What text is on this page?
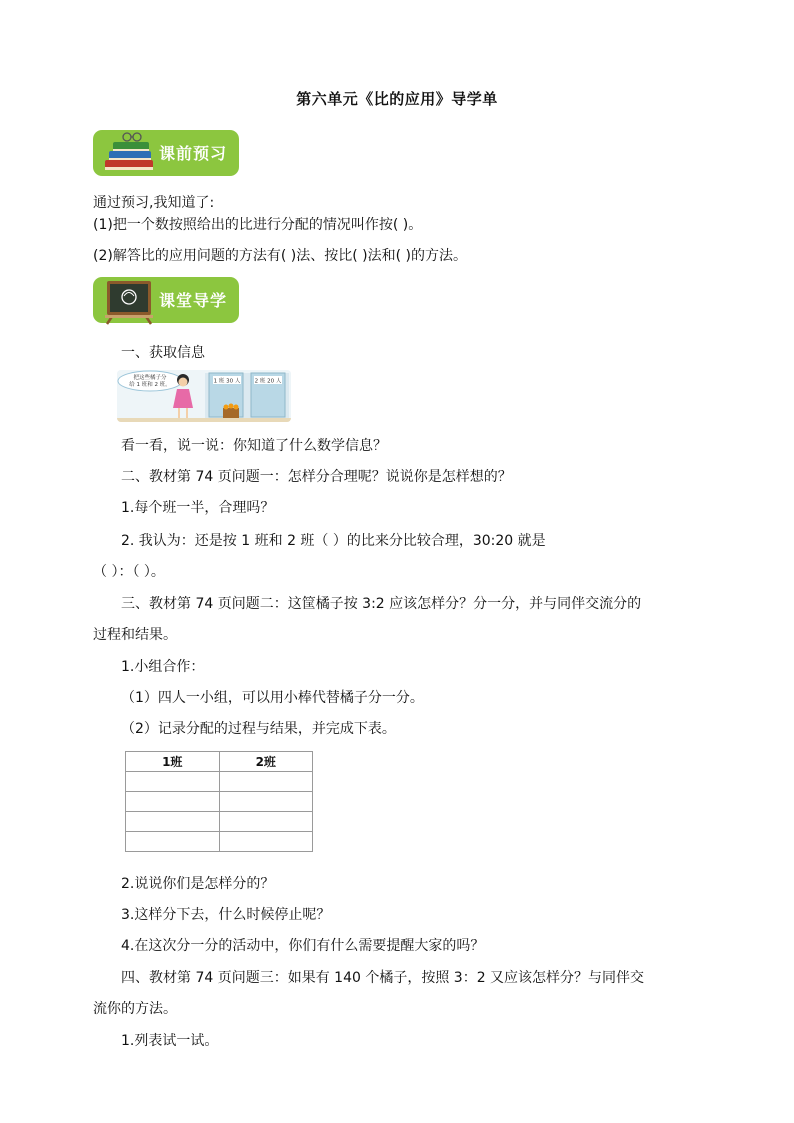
第六单元《比的应用》导学单
课前预习
通过预习,我知道了:
(1)把一个数按照给出的比进行分配的情况叫作按( )。
(2)解答比的应用问题的方法有( )法、按比( )法和( )的方法。
课堂导学
一、获取信息
1 班 30 人	2 班 20 人
把这些橘子分
给 1 班和 2 班。
看一看，说一说：你知道了什么数学信息？
二、教材第 74 页问题一：怎样分合理呢？说说你是怎样想的？
1.每个班一半，合理吗？
2. 我认为：还是按 1 班和 2 班（ ）的比来分比较合理，30:20 就是
（ ）：（ ）。
三、教材第 74 页问题二：这筐橘子按 3:2 应该怎样分？分一分，并与同伴交流分的
过程和结果。
1.小组合作：
（1）四人一小组，可以用小棒代替橘子分一分。
（2）记录分配的过程与结果，并完成下表。
1班	2班

2.说说你们是怎样分的？
3.这样分下去，什么时候停止呢？
4.在这次分一分的活动中，你们有什么需要提醒大家的吗？
四、教材第 74 页问题三：如果有 140 个橘子，按照 3：2 又应该怎样分？与同伴交
流你的方法。
1.列表试一试。
